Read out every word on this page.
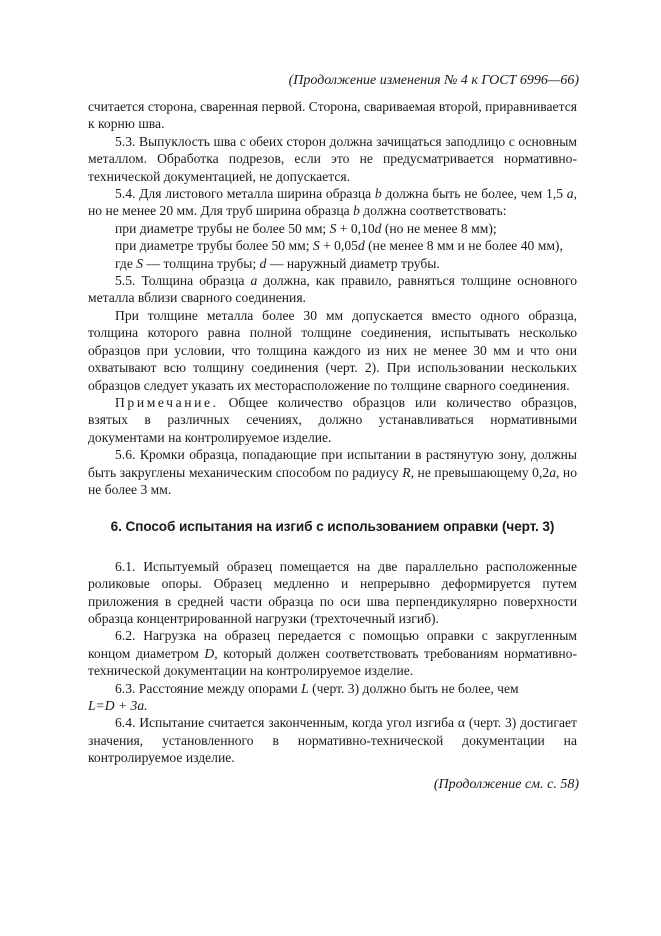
(Продолжение изменения № 4 к ГОСТ 6996—66)

считается сторона, сваренная первой. Сторона, свариваемая второй, приравнивается к корню шва.

5.3. Выпуклость шва с обеих сторон должна зачищаться заподлицо с основным металлом. Обработка подрезов, если это не предусматривается нормативно-технической документацией, не допускается.

5.4. Для листового металла ширина образца b должна быть не более, чем 1,5 a, но не менее 20 мм. Для труб ширина образца b должна соответствовать:

при диаметре трубы не более 50 мм; S + 0,10d (но не менее 8 мм);

при диаметре трубы более 50 мм; S + 0,05d (не менее 8 мм и не более 40 мм),

где S — толщина трубы; d — наружный диаметр трубы.

5.5. Толщина образца a должна, как правило, равняться толщине основного металла вблизи сварного соединения.

При толщине металла более 30 мм допускается вместо одного образца, толщина которого равна полной толщине соединения, испытывать несколько образцов при условии, что толщина каждого из них не менее 30 мм и что они охватывают всю толщину соединения (черт. 2). При использовании нескольких образцов следует указать их месторасположение по толщине сварного соединения.

Примечание. Общее количество образцов или количество образцов, взятых в различных сечениях, должно устанавливаться нормативными документами на контролируемое изделие.

5.6. Кромки образца, попадающие при испытании в растянутую зону, должны быть закруглены механическим способом по радиусу R, не превышающему 0,2a, но не более 3 мм.

6. Способ испытания на изгиб с использованием оправки (черт. 3)

6.1. Испытуемый образец помещается на две параллельно расположенные роликовые опоры. Образец медленно и непрерывно деформируется путем приложения в средней части образца по оси шва перпендикулярно поверхности образца концентрированной нагрузки (трехточечный изгиб).

6.2. Нагрузка на образец передается с помощью оправки с закругленным концом диаметром D, который должен соответствовать требованиям нормативно-технической документации на контролируемое изделие.

6.3. Расстояние между опорами L (черт. 3) должно быть не более, чем
L=D + 3a.

6.4. Испытание считается законченным, когда угол изгиба α (черт. 3) достигает значения, установленного в нормативно-технической документации на контролируемое изделие.

(Продолжение см. с. 58)
